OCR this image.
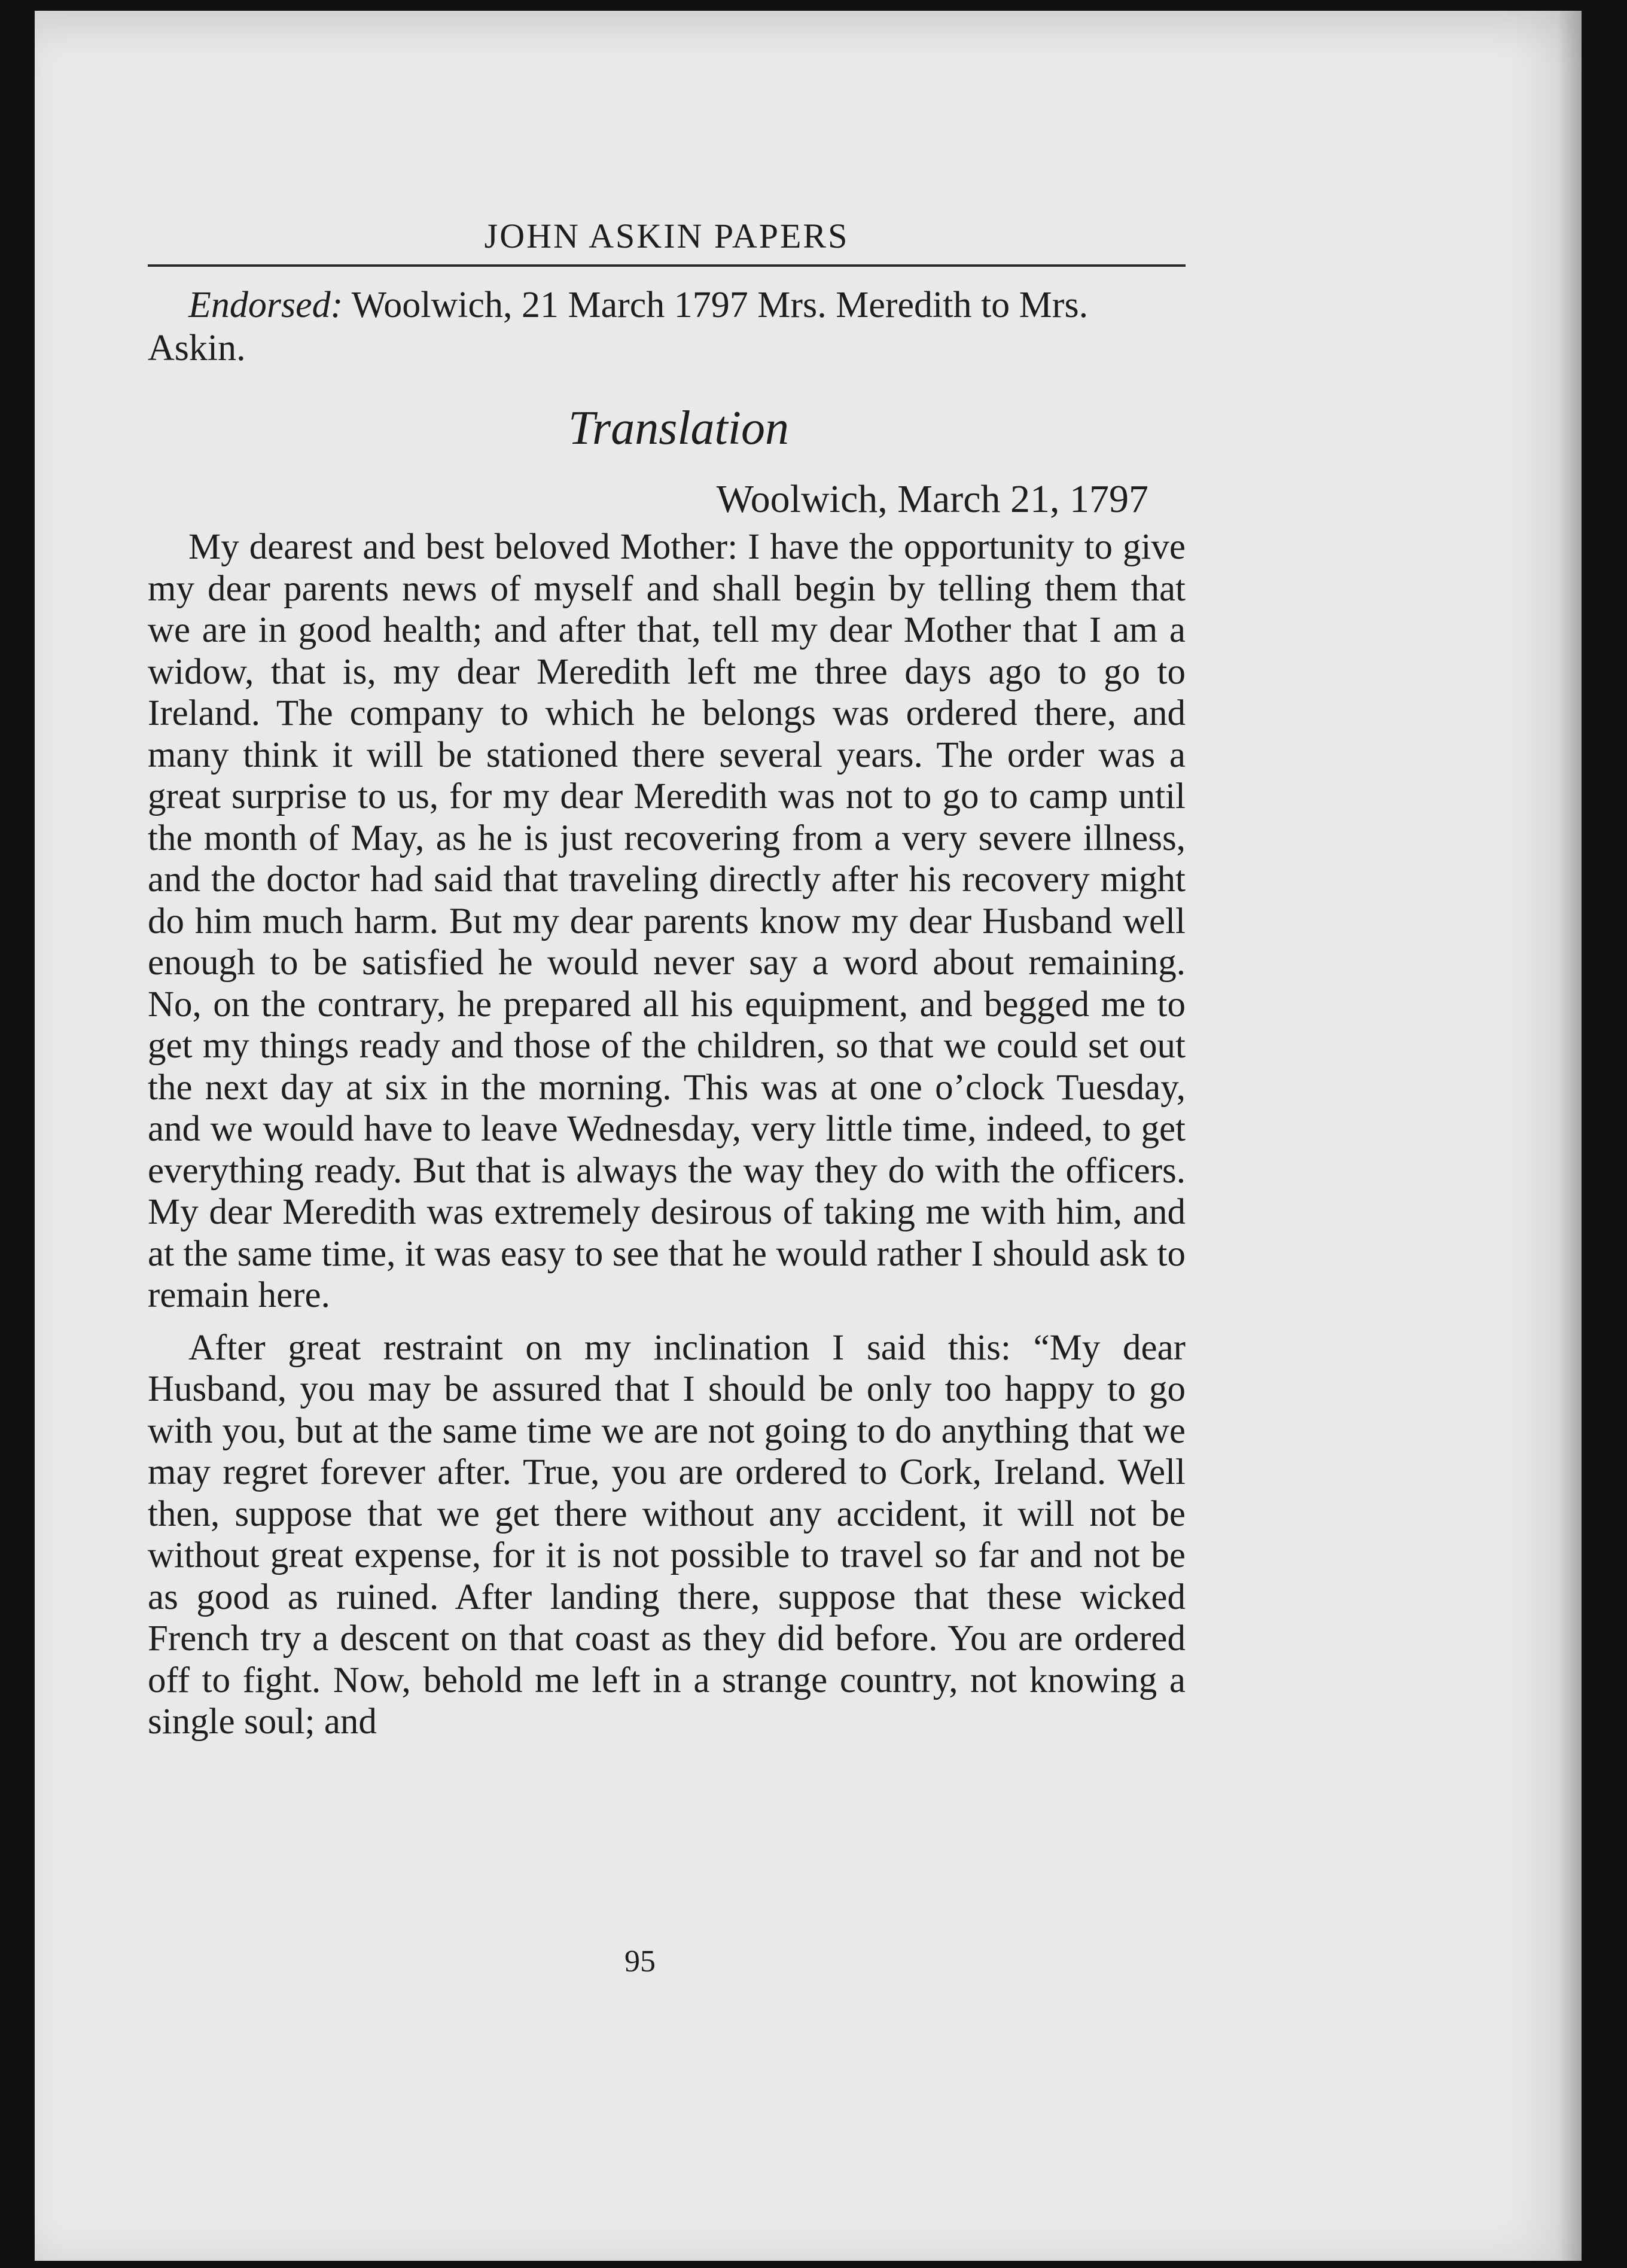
JOHN ASKIN PAPERS

Endorsed: Woolwich, 21 March 1797 Mrs. Meredith to Mrs. Askin.

Translation
Woolwich, March 21, 1797

My dearest and best beloved Mother: I have the opportunity to give my dear parents news of myself and shall begin by telling them that we are in good health; and after that, tell my dear Mother that I am a widow, that is, my dear Meredith left me three days ago to go to Ireland. The company to which he belongs was ordered there, and many think it will be stationed there several years. The order was a great surprise to us, for my dear Meredith was not to go to camp until the month of May, as he is just recovering from a very severe illness, and the doctor had said that traveling directly after his recovery might do him much harm. But my dear parents know my dear Husband well enough to be satisfied he would never say a word about remaining. No, on the contrary, he prepared all his equipment, and begged me to get my things ready and those of the children, so that we could set out the next day at six in the morning. This was at one o’clock Tuesday, and we would have to leave Wednesday, very little time, indeed, to get everything ready. But that is always the way they do with the officers. My dear Meredith was extremely desirous of taking me with him, and at the same time, it was easy to see that he would rather I should ask to remain here.

After great restraint on my inclination I said this: “My dear Husband, you may be assured that I should be only too happy to go with you, but at the same time we are not going to do anything that we may regret forever after. True, you are ordered to Cork, Ireland. Well then, suppose that we get there without any accident, it will not be without great expense, for it is not possible to travel so far and not be as good as ruined. After landing there, suppose that these wicked French try a descent on that coast as they did before. You are ordered off to fight. Now, behold me left in a strange country, not knowing a single soul; and

95
